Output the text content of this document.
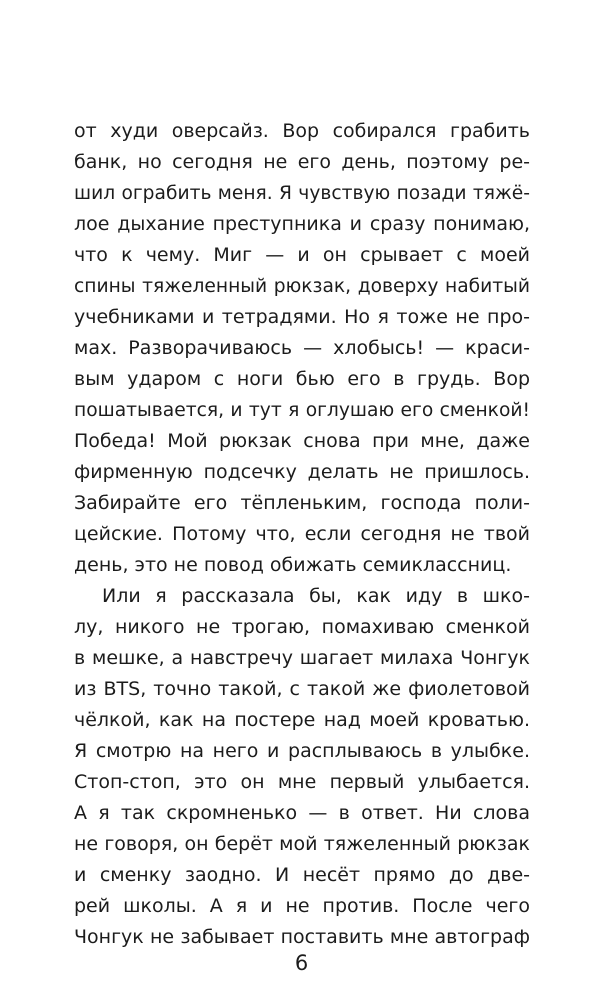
от худи оверсайз. Вор собирался грабить
банк, но сегодня не его день, поэтому ре-
шил ограбить меня. Я чувствую позади тяжё-
лое дыхание преступника и сразу понимаю,
что к чему. Миг — и он срывает с моей
спины тяжеленный рюкзак, доверху набитый
учебниками и тетрадями. Но я тоже не про-
мах. Разворачиваюсь — хлобысь! — краси-
вым ударом с ноги бью его в грудь. Вор
пошатывается, и тут я оглушаю его сменкой!
Победа! Мой рюкзак снова при мне, даже
фирменную подсечку делать не пришлось.
Забирайте его тёпленьким, господа поли-
цейские. Потому что, если сегодня не твой
день, это не повод обижать семиклассниц.
Или я рассказала бы, как иду в шко-
лу, никого не трогаю, помахиваю сменкой
в мешке, а навстречу шагает милаха Чонгук
из BTS, точно такой, с такой же фиолетовой
чёлкой, как на постере над моей кроватью.
Я смотрю на него и расплываюсь в улыбке.
Стоп-стоп, это он мне первый улыбается.
А я так скромненько — в ответ. Ни слова
не говоря, он берёт мой тяжеленный рюкзак
и сменку заодно. И несёт прямо до две-
рей школы. А я и не против. После чего
Чонгук не забывает поставить мне автограф
6
